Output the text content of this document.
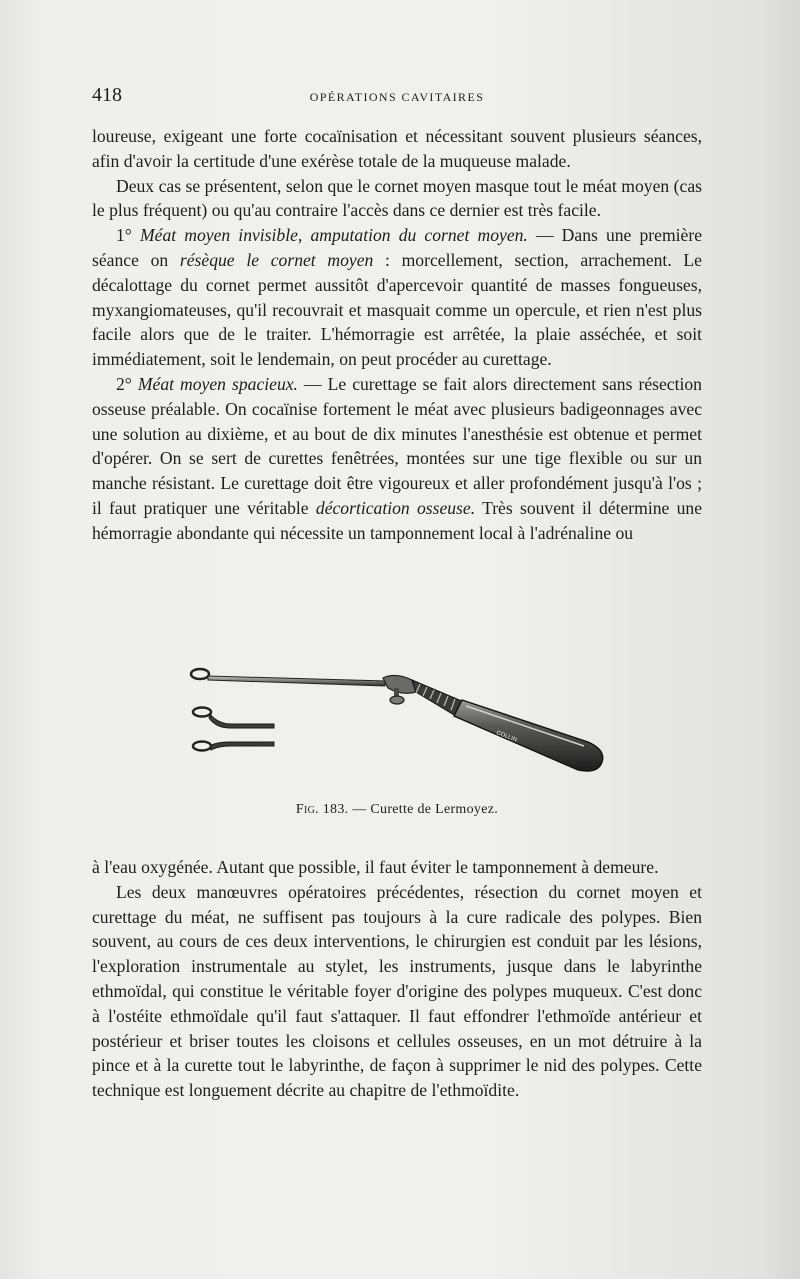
418	OPÉRATIONS CAVITAIRES

loureuse, exigeant une forte cocaïnisation et nécessitant souvent plusieurs séances, afin d'avoir la certitude d'une exérèse totale de la muqueuse malade.

Deux cas se présentent, selon que le cornet moyen masque tout le méat moyen (cas le plus fréquent) ou qu'au contraire l'accès dans ce dernier est très facile.

1° Méat moyen invisible, amputation du cornet moyen. — Dans une première séance on résèque le cornet moyen : morcellement, section, arrachement. Le décalottage du cornet permet aussitôt d'apercevoir quantité de masses fongueuses, myxangiomateuses, qu'il recouvrait et masquait comme un opercule, et rien n'est plus facile alors que de le traiter. L'hémorragie est arrêtée, la plaie asséchée, et soit immédiatement, soit le lendemain, on peut procéder au curettage.

2° Méat moyen spacieux. — Le curettage se fait alors directement sans résection osseuse préalable. On cocaïnise fortement le méat avec plusieurs badigeonnages avec une solution au dixième, et au bout de dix minutes l'anesthésie est obtenue et permet d'opérer. On se sert de curettes fenêtrées, montées sur une tige flexible ou sur un manche résistant. Le curettage doit être vigoureux et aller profondément jusqu'à l'os ; il faut pratiquer une véritable décortication osseuse. Très souvent il détermine une hémorragie abondante qui nécessite un tamponnement local à l'adrénaline ou

COLLIN
Fig. 183. — Curette de Lermoyez.

à l'eau oxygénée. Autant que possible, il faut éviter le tamponnement à demeure.

Les deux manœuvres opératoires précédentes, résection du cornet moyen et curettage du méat, ne suffisent pas toujours à la cure radicale des polypes. Bien souvent, au cours de ces deux interventions, le chirurgien est conduit par les lésions, l'exploration instrumentale au stylet, les instruments, jusque dans le labyrinthe ethmoïdal, qui constitue le véritable foyer d'origine des polypes muqueux. C'est donc à l'ostéite ethmoïdale qu'il faut s'attaquer. Il faut effondrer l'ethmoïde antérieur et postérieur et briser toutes les cloisons et cellules osseuses, en un mot détruire à la pince et à la curette tout le labyrinthe, de façon à supprimer le nid des polypes. Cette technique est longuement décrite au chapitre de l'ethmoïdite.
